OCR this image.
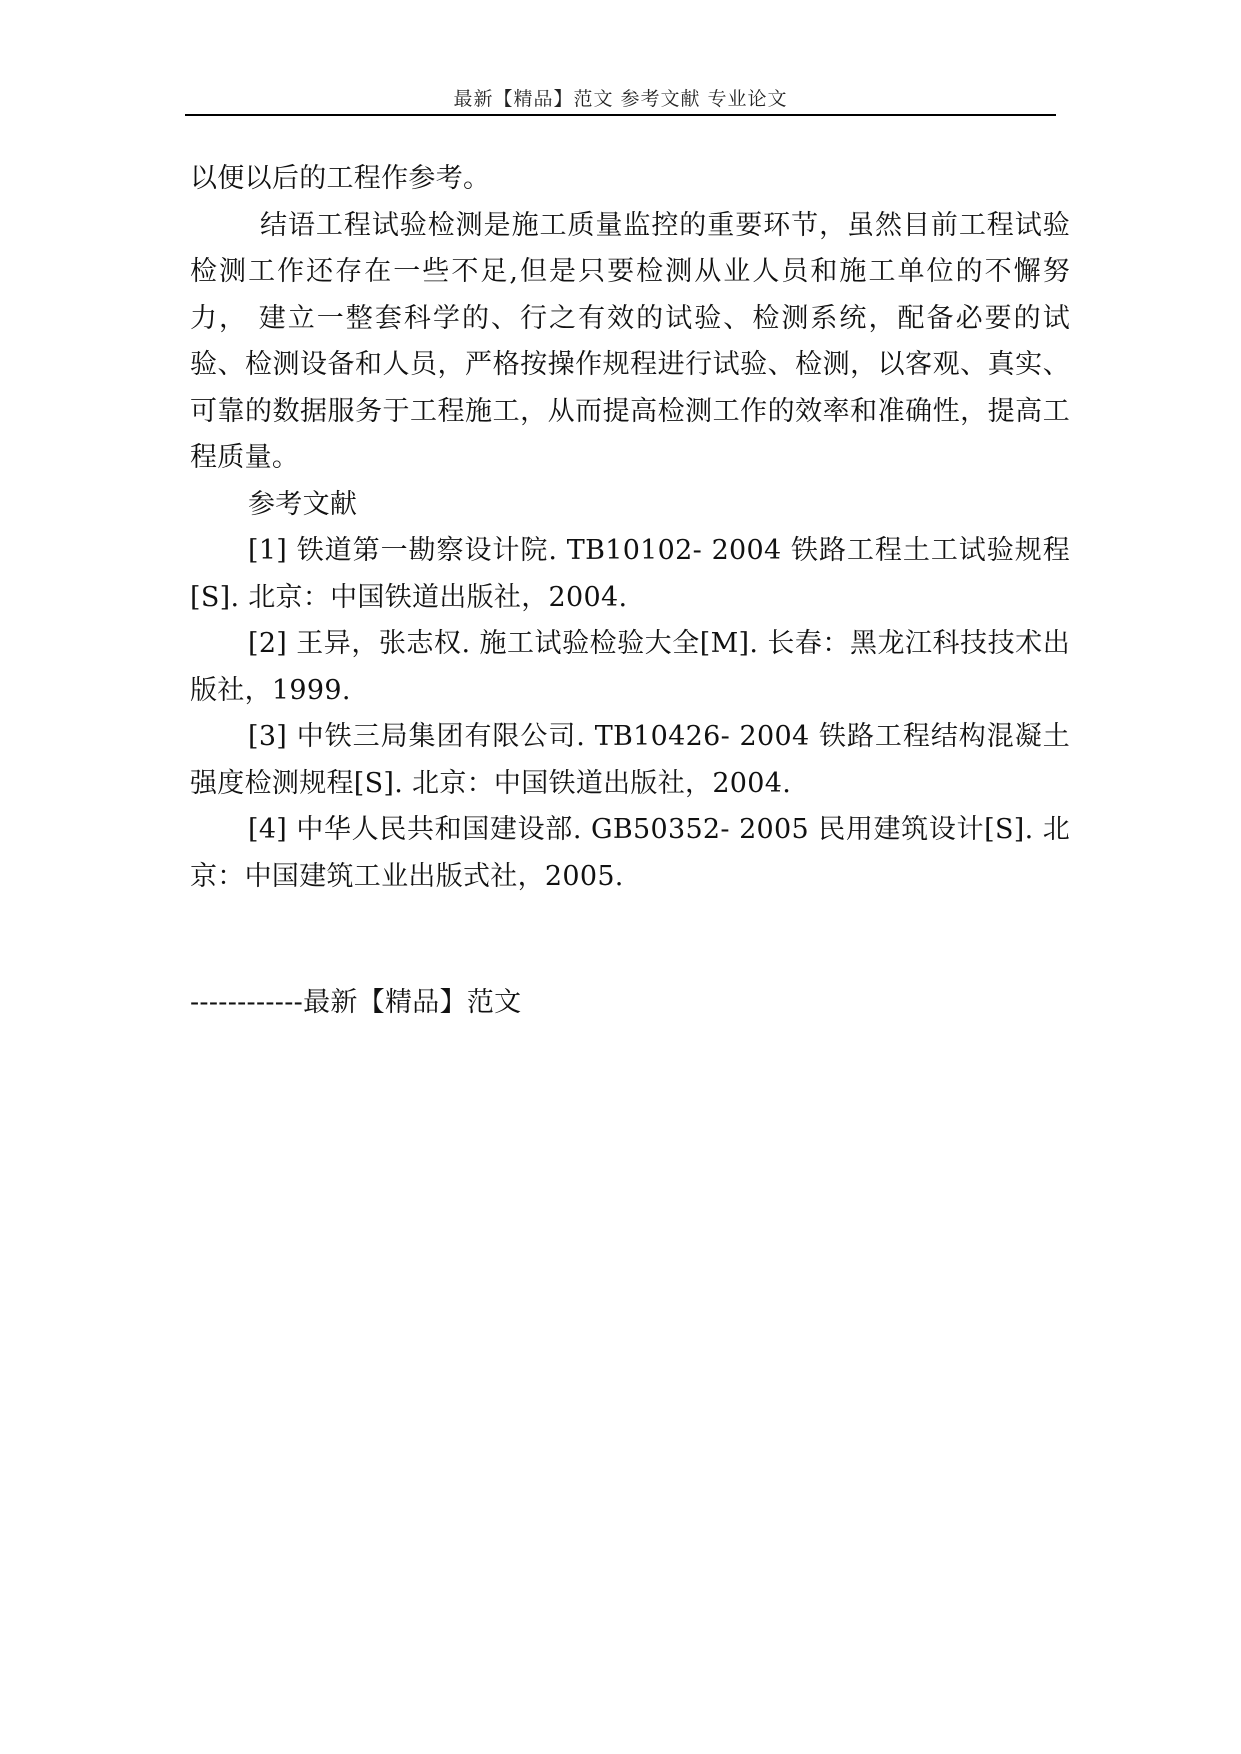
最新【精品】范文 参考文献 专业论文

以便以后的工程作参考。

结语工程试验检测是施工质量监控的重要环节，虽然目前工程试验检测工作还存在一些不足,但是只要检测从业人员和施工单位的不懈努力， 建立一整套科学的、行之有效的试验、检测系统，配备必要的试验、检测设备和人员，严格按操作规程进行试验、检测，以客观、真实、可靠的数据服务于工程施工，从而提高检测工作的效率和准确性，提高工程质量。

参考文献

[1] 铁道第一勘察设计院. TB10102- 2004 铁路工程土工试验规程[S]. 北京：中国铁道出版社，2004.

[2] 王异，张志权. 施工试验检验大全[M]. 长春：黑龙江科技技术出版社，1999.

[3] 中铁三局集团有限公司. TB10426- 2004 铁路工程结构混凝土强度检测规程[S]. 北京：中国铁道出版社，2004.

[4] 中华人民共和国建设部. GB50352- 2005 民用建筑设计[S]. 北京：中国建筑工业出版式社，2005.

------------最新【精品】范文
